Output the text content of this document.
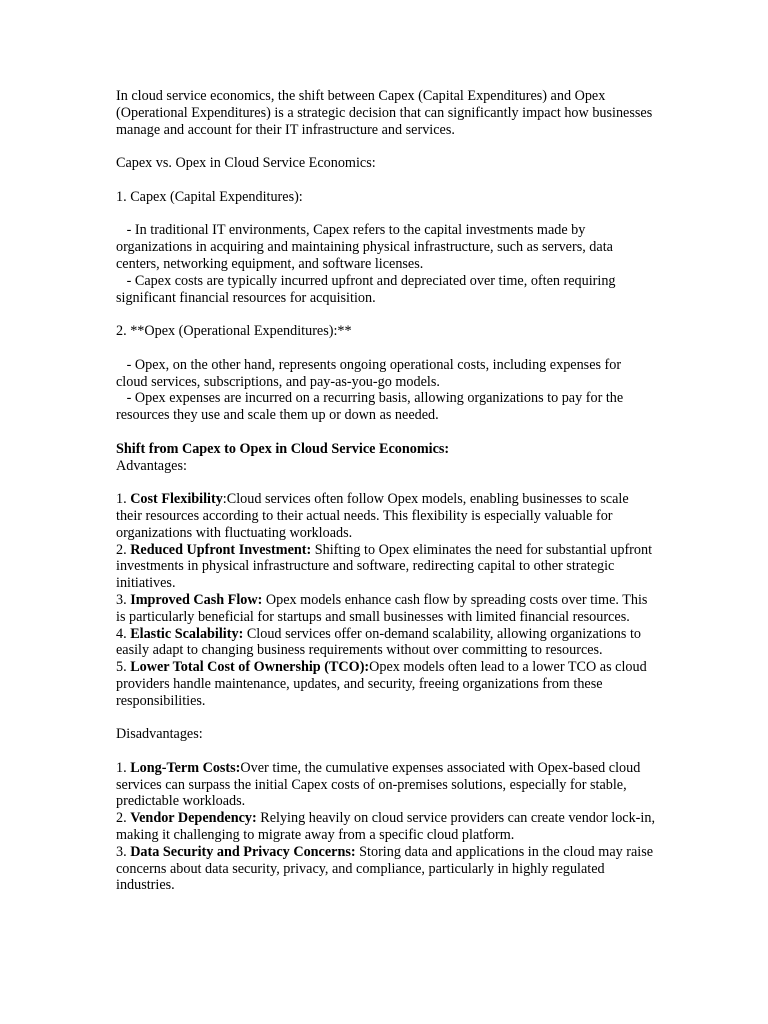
In cloud service economics, the shift between Capex (Capital Expenditures) and Opex (Operational Expenditures) is a strategic decision that can significantly impact how businesses manage and account for their IT infrastructure and services.

Capex vs. Opex in Cloud Service Economics:

1. Capex (Capital Expenditures):

- In traditional IT environments, Capex refers to the capital investments made by organizations in acquiring and maintaining physical infrastructure, such as servers, data centers, networking equipment, and software licenses.

- Capex costs are typically incurred upfront and depreciated over time, often requiring significant financial resources for acquisition.

2. **Opex (Operational Expenditures):**

- Opex, on the other hand, represents ongoing operational costs, including expenses for cloud services, subscriptions, and pay-as-you-go models.

- Opex expenses are incurred on a recurring basis, allowing organizations to pay for the resources they use and scale them up or down as needed.

Shift from Capex to Opex in Cloud Service Economics:

Advantages:

1. Cost Flexibility:Cloud services often follow Opex models, enabling businesses to scale their resources according to their actual needs. This flexibility is especially valuable for organizations with fluctuating workloads.

2. Reduced Upfront Investment: Shifting to Opex eliminates the need for substantial upfront investments in physical infrastructure and software, redirecting capital to other strategic initiatives.

3. Improved Cash Flow: Opex models enhance cash flow by spreading costs over time. This is particularly beneficial for startups and small businesses with limited financial resources.

4. Elastic Scalability: Cloud services offer on-demand scalability, allowing organizations to easily adapt to changing business requirements without over committing to resources.

5. Lower Total Cost of Ownership (TCO):Opex models often lead to a lower TCO as cloud providers handle maintenance, updates, and security, freeing organizations from these responsibilities.

Disadvantages:

1. Long-Term Costs:Over time, the cumulative expenses associated with Opex-based cloud services can surpass the initial Capex costs of on-premises solutions, especially for stable, predictable workloads.

2. Vendor Dependency: Relying heavily on cloud service providers can create vendor lock-in, making it challenging to migrate away from a specific cloud platform.

3. Data Security and Privacy Concerns: Storing data and applications in the cloud may raise concerns about data security, privacy, and compliance, particularly in highly regulated industries.
